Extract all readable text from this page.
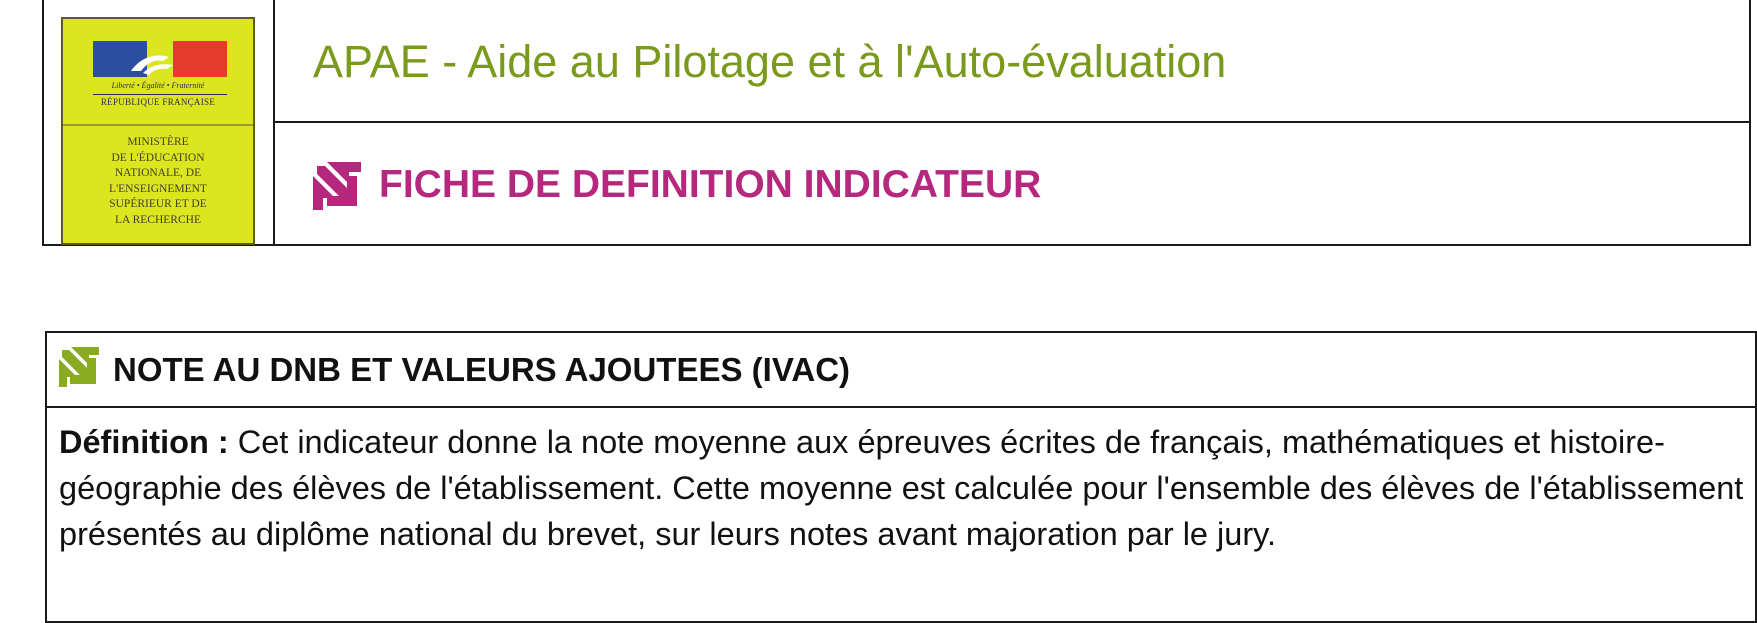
Liberté • Égalité • Fraternité
RÉPUBLIQUE FRANÇAISE
MINISTÈRE
DE L'ÉDUCATION
NATIONALE, DE
L'ENSEIGNEMENT
SUPÉRIEUR ET DE
LA RECHERCHE
APAE - Aide au Pilotage et à l'Auto-évaluation
FICHE DE DEFINITION INDICATEUR
NOTE AU DNB ET VALEURS AJOUTEES (IVAC)
Définition : Cet indicateur donne la note moyenne aux épreuves écrites de français, mathématiques et histoire-géographie des élèves de l'établissement. Cette moyenne est calculée pour l'ensemble des élèves de l'établissement présentés au diplôme national du brevet, sur leurs notes avant majoration par le jury.
